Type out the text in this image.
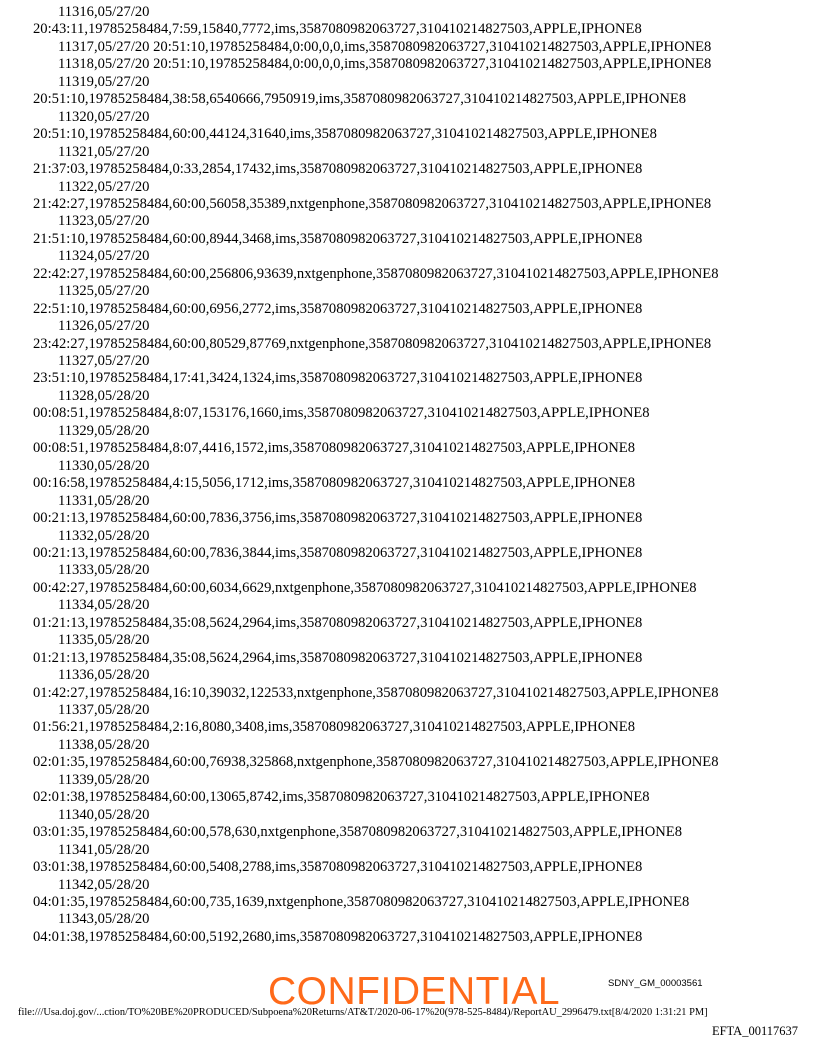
11316,05/27/20
20:43:11,19785258484,7:59,15840,7772,ims,3587080982063727,310410214827503,APPLE,IPHONE8
11317,05/27/20 20:51:10,19785258484,0:00,0,0,ims,3587080982063727,310410214827503,APPLE,IPHONE8
11318,05/27/20 20:51:10,19785258484,0:00,0,0,ims,3587080982063727,310410214827503,APPLE,IPHONE8
11319,05/27/20
20:51:10,19785258484,38:58,6540666,7950919,ims,3587080982063727,310410214827503,APPLE,IPHONE8
11320,05/27/20
20:51:10,19785258484,60:00,44124,31640,ims,3587080982063727,310410214827503,APPLE,IPHONE8
11321,05/27/20
21:37:03,19785258484,0:33,2854,17432,ims,3587080982063727,310410214827503,APPLE,IPHONE8
11322,05/27/20
21:42:27,19785258484,60:00,56058,35389,nxtgenphone,3587080982063727,310410214827503,APPLE,IPHONE8
11323,05/27/20
21:51:10,19785258484,60:00,8944,3468,ims,3587080982063727,310410214827503,APPLE,IPHONE8
11324,05/27/20
22:42:27,19785258484,60:00,256806,93639,nxtgenphone,3587080982063727,310410214827503,APPLE,IPHONE8
11325,05/27/20
22:51:10,19785258484,60:00,6956,2772,ims,3587080982063727,310410214827503,APPLE,IPHONE8
11326,05/27/20
23:42:27,19785258484,60:00,80529,87769,nxtgenphone,3587080982063727,310410214827503,APPLE,IPHONE8
11327,05/27/20
23:51:10,19785258484,17:41,3424,1324,ims,3587080982063727,310410214827503,APPLE,IPHONE8
11328,05/28/20
00:08:51,19785258484,8:07,153176,1660,ims,3587080982063727,310410214827503,APPLE,IPHONE8
11329,05/28/20
00:08:51,19785258484,8:07,4416,1572,ims,3587080982063727,310410214827503,APPLE,IPHONE8
11330,05/28/20
00:16:58,19785258484,4:15,5056,1712,ims,3587080982063727,310410214827503,APPLE,IPHONE8
11331,05/28/20
00:21:13,19785258484,60:00,7836,3756,ims,3587080982063727,310410214827503,APPLE,IPHONE8
11332,05/28/20
00:21:13,19785258484,60:00,7836,3844,ims,3587080982063727,310410214827503,APPLE,IPHONE8
11333,05/28/20
00:42:27,19785258484,60:00,6034,6629,nxtgenphone,3587080982063727,310410214827503,APPLE,IPHONE8
11334,05/28/20
01:21:13,19785258484,35:08,5624,2964,ims,3587080982063727,310410214827503,APPLE,IPHONE8
11335,05/28/20
01:21:13,19785258484,35:08,5624,2964,ims,3587080982063727,310410214827503,APPLE,IPHONE8
11336,05/28/20
01:42:27,19785258484,16:10,39032,122533,nxtgenphone,3587080982063727,310410214827503,APPLE,IPHONE8
11337,05/28/20
01:56:21,19785258484,2:16,8080,3408,ims,3587080982063727,310410214827503,APPLE,IPHONE8
11338,05/28/20
02:01:35,19785258484,60:00,76938,325868,nxtgenphone,3587080982063727,310410214827503,APPLE,IPHONE8
11339,05/28/20
02:01:38,19785258484,60:00,13065,8742,ims,3587080982063727,310410214827503,APPLE,IPHONE8
11340,05/28/20
03:01:35,19785258484,60:00,578,630,nxtgenphone,3587080982063727,310410214827503,APPLE,IPHONE8
11341,05/28/20
03:01:38,19785258484,60:00,5408,2788,ims,3587080982063727,310410214827503,APPLE,IPHONE8
11342,05/28/20
04:01:35,19785258484,60:00,735,1639,nxtgenphone,3587080982063727,310410214827503,APPLE,IPHONE8
11343,05/28/20
04:01:38,19785258484,60:00,5192,2680,ims,3587080982063727,310410214827503,APPLE,IPHONE8
SDNY_GM_00003561
CONFIDENTIAL
file:///Usa.doj.gov/...ction/TO%20BE%20PRODUCED/Subpoena%20Returns/AT&T/2020-06-17%20(978-525-8484)/ReportAU_2996479.txt[8/4/2020 1:31:21 PM]
EFTA_00117637
